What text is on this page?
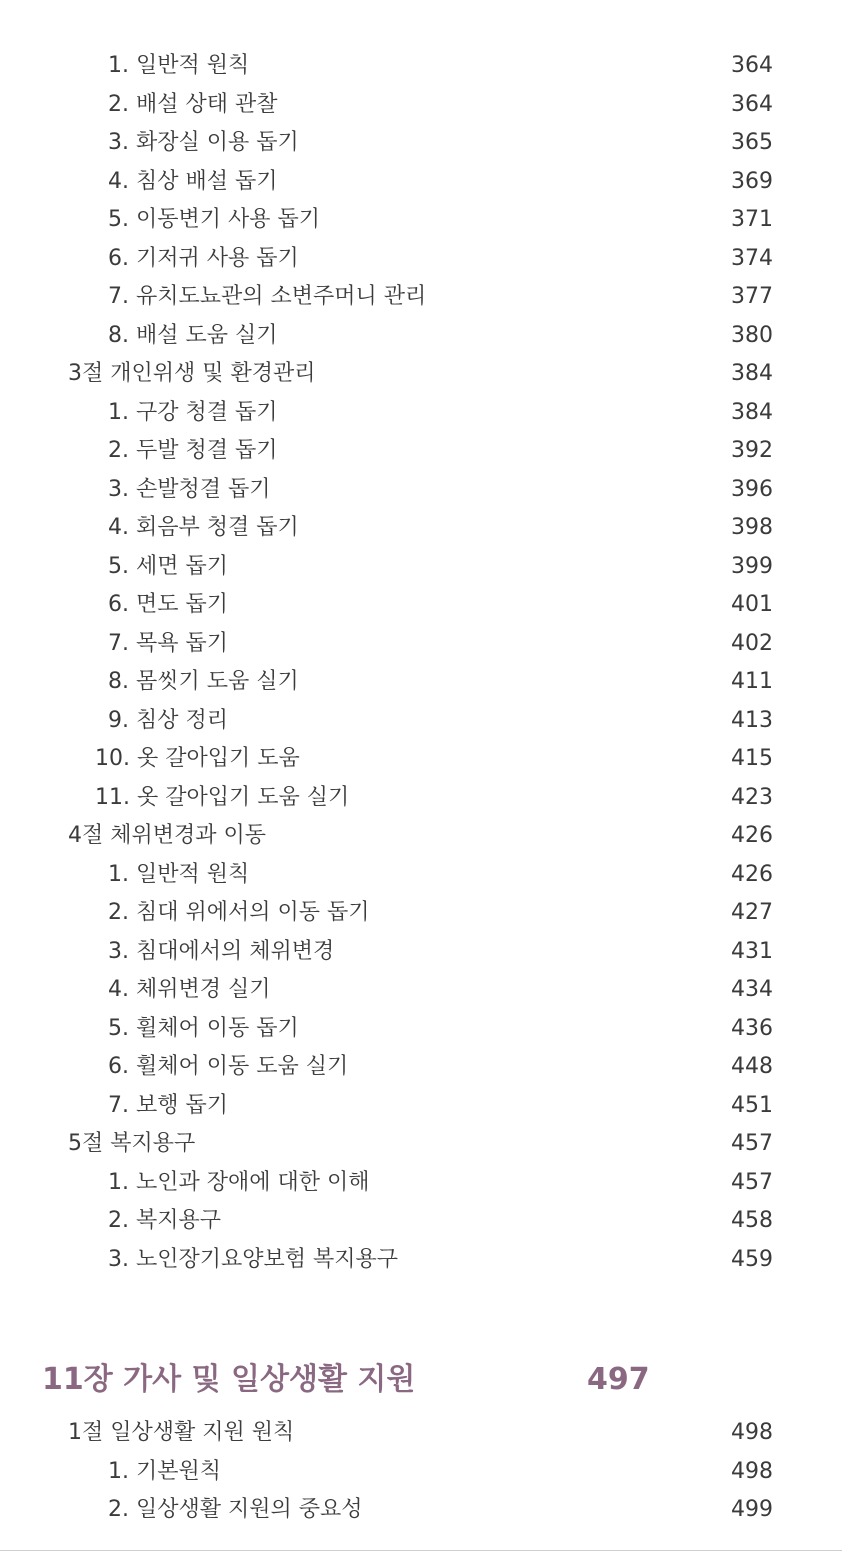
1. 일반적 원칙	364
2. 배설 상태 관찰	364
3. 화장실 이용 돕기	365
4. 침상 배설 돕기	369
5. 이동변기 사용 돕기	371
6. 기저귀 사용 돕기	374
7. 유치도뇨관의 소변주머니 관리	377
8. 배설 도움 실기	380
3절 개인위생 및 환경관리	384
1. 구강 청결 돕기	384
2. 두발 청결 돕기	392
3. 손발청결 돕기	396
4. 회음부 청결 돕기	398
5. 세면 돕기	399
6. 면도 돕기	401
7. 목욕 돕기	402
8. 몸씻기 도움 실기	411
9. 침상 정리	413
10. 옷 갈아입기 도움	415
11. 옷 갈아입기 도움 실기	423
4절 체위변경과 이동	426
1. 일반적 원칙	426
2. 침대 위에서의 이동 돕기	427
3. 침대에서의 체위변경	431
4. 체위변경 실기	434
5. 휠체어 이동 돕기	436
6. 휠체어 이동 도움 실기	448
7. 보행 돕기	451
5절 복지용구	457
1. 노인과 장애에 대한 이해	457
2. 복지용구	458
3. 노인장기요양보험 복지용구	459
11장 가사 및 일상생활 지원	497
1절 일상생활 지원 원칙	498
1. 기본원칙	498
2. 일상생활 지원의 중요성	499
